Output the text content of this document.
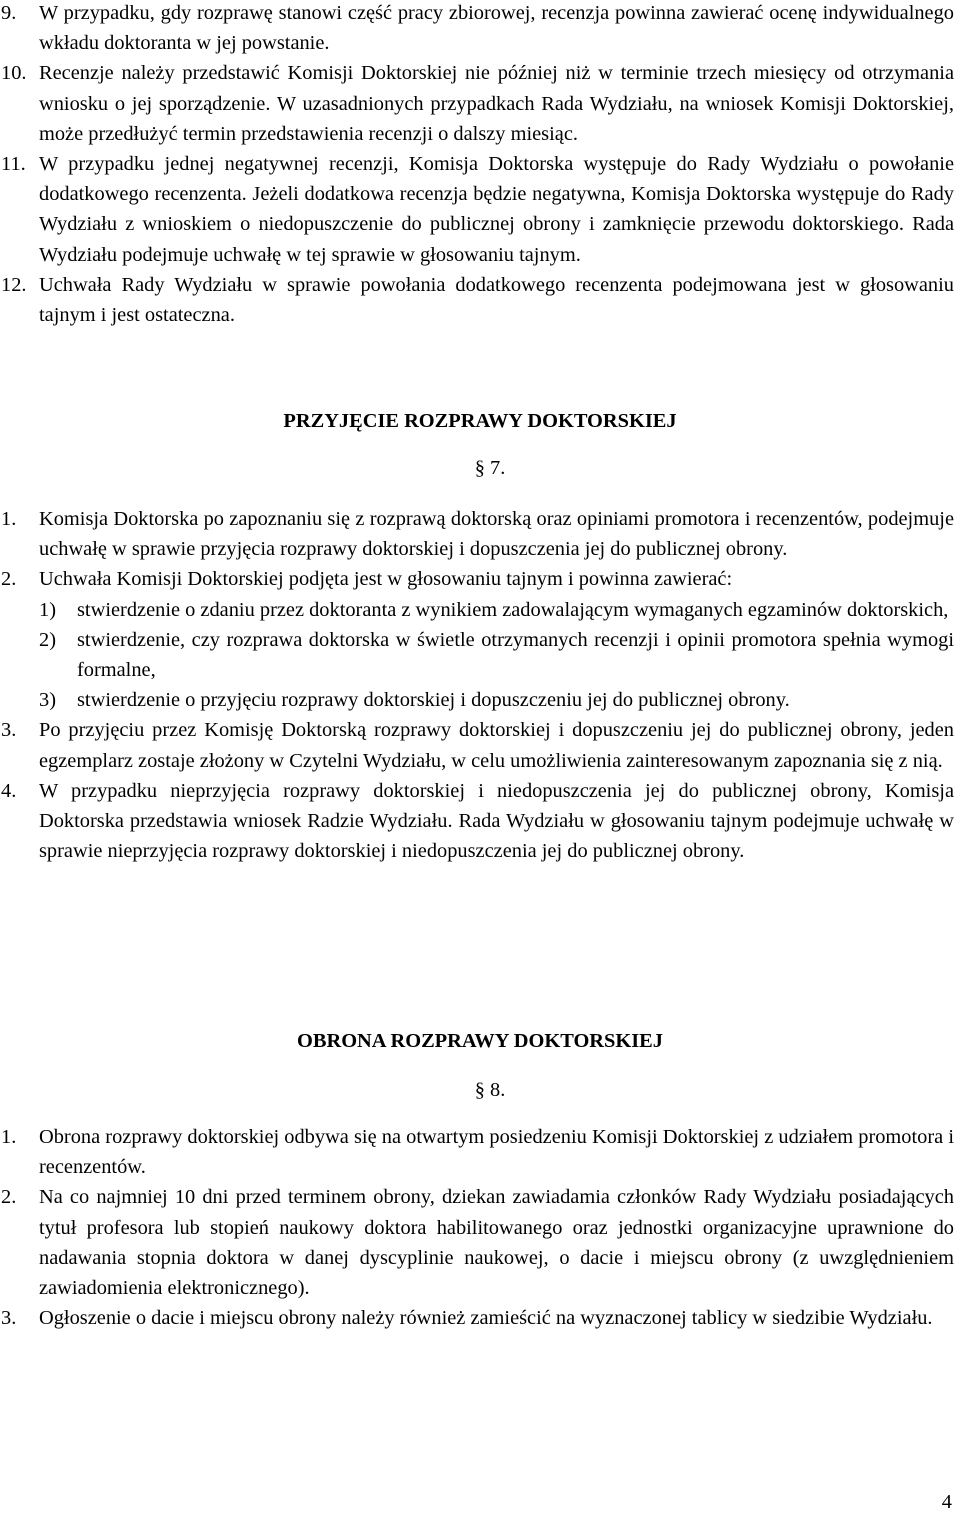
9. W przypadku, gdy rozprawę stanowi część pracy zbiorowej, recenzja powinna zawierać ocenę indywidualnego wkładu doktoranta w jej powstanie.
10. Recenzje należy przedstawić Komisji Doktorskiej nie później niż w terminie trzech miesięcy od otrzymania wniosku o jej sporządzenie. W uzasadnionych przypadkach Rada Wydziału, na wniosek Komisji Doktorskiej, może przedłużyć termin przedstawienia recenzji o dalszy miesiąc.
11. W przypadku jednej negatywnej recenzji, Komisja Doktorska występuje do Rady Wydziału o powołanie dodatkowego recenzenta. Jeżeli dodatkowa recenzja będzie negatywna, Komisja Doktorska występuje do Rady Wydziału z wnioskiem o niedopuszczenie do publicznej obrony i zamknięcie przewodu doktorskiego. Rada Wydziału podejmuje uchwałę w tej sprawie w głosowaniu tajnym.
12. Uchwała Rady Wydziału w sprawie powołania dodatkowego recenzenta podejmowana jest w głosowaniu tajnym i jest ostateczna.
PRZYJĘCIE ROZPRAWY DOKTORSKIEJ
§ 7.
1. Komisja Doktorska po zapoznaniu się z rozprawą doktorską oraz opiniami promotora i recenzentów, podejmuje uchwałę w sprawie przyjęcia rozprawy doktorskiej i dopuszczenia jej do publicznej obrony.
2. Uchwała Komisji Doktorskiej podjęta jest w głosowaniu tajnym i powinna zawierać:
1) stwierdzenie o zdaniu przez doktoranta z wynikiem zadowalającym wymaganych egzaminów doktorskich,
2) stwierdzenie, czy rozprawa doktorska w świetle otrzymanych recenzji i opinii promotora spełnia wymogi formalne,
3) stwierdzenie o przyjęciu rozprawy doktorskiej i dopuszczeniu jej do publicznej obrony.
3. Po przyjęciu przez Komisję Doktorską rozprawy doktorskiej i dopuszczeniu jej do publicznej obrony, jeden egzemplarz zostaje złożony w Czytelni Wydziału, w celu umożliwienia zainteresowanym zapoznania się z nią.
4. W przypadku nieprzyjęcia rozprawy doktorskiej i niedopuszczenia jej do publicznej obrony, Komisja Doktorska przedstawia wniosek Radzie Wydziału. Rada Wydziału w głosowaniu tajnym podejmuje uchwałę w sprawie nieprzyjęcia rozprawy doktorskiej i niedopuszczenia jej do publicznej obrony.
OBRONA ROZPRAWY DOKTORSKIEJ
§ 8.
1. Obrona rozprawy doktorskiej odbywa się na otwartym posiedzeniu Komisji Doktorskiej z udziałem promotora i recenzentów.
2. Na co najmniej 10 dni przed terminem obrony, dziekan zawiadamia członków Rady Wydziału posiadających tytuł profesora lub stopień naukowy doktora habilitowanego oraz jednostki organizacyjne uprawnione do nadawania stopnia doktora w danej dyscyplinie naukowej, o dacie i miejscu obrony (z uwzględnieniem zawiadomienia elektronicznego).
3. Ogłoszenie o dacie i miejscu obrony należy również zamieścić na wyznaczonej tablicy w siedzibie Wydziału.
4
